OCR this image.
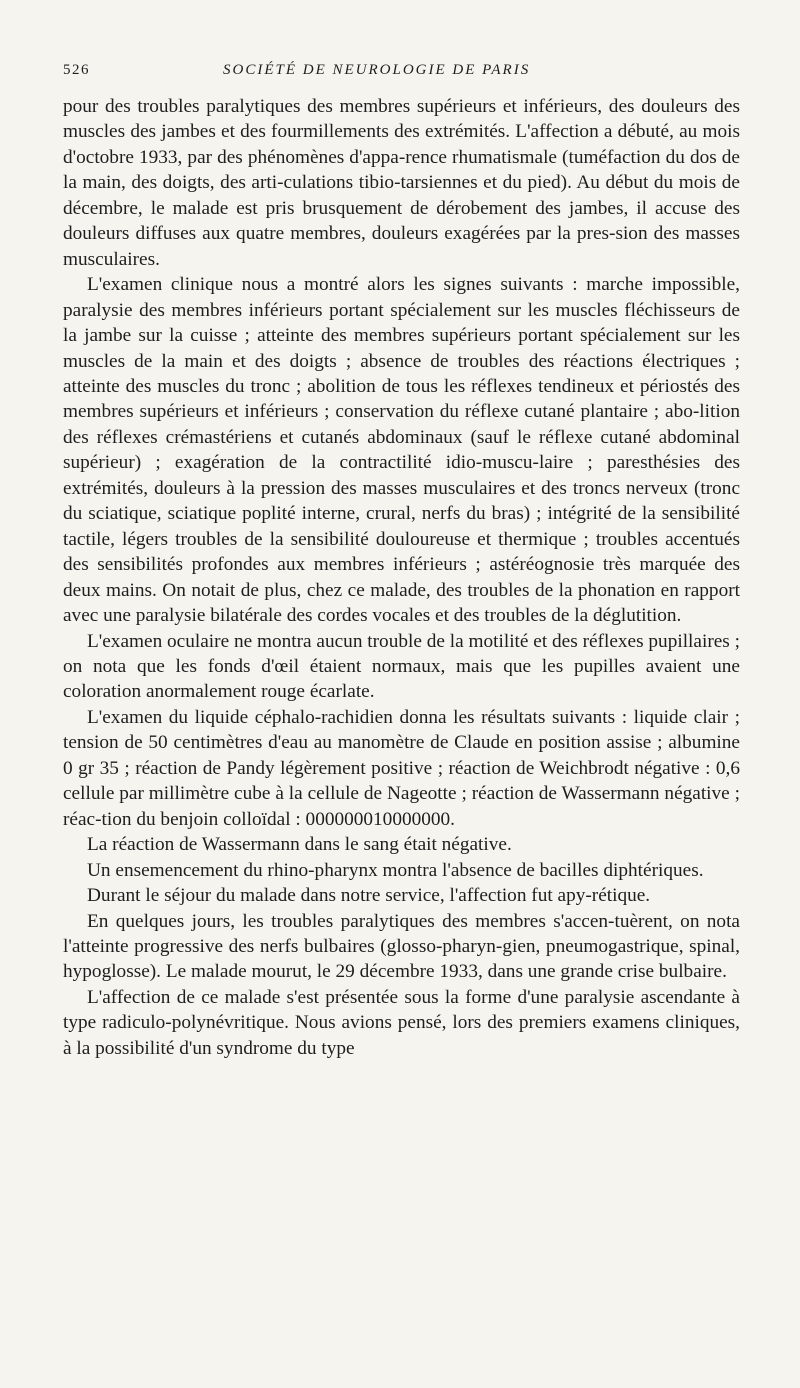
526	SOCIÉTÉ DE NEUROLOGIE DE PARIS

pour des troubles paralytiques des membres supérieurs et inférieurs, des douleurs des muscles des jambes et des fourmillements des extrémités. L'affection a débuté, au mois d'octobre 1933, par des phénomènes d'appa-rence rhumatismale (tuméfaction du dos de la main, des doigts, des arti-culations tibio-tarsiennes et du pied). Au début du mois de décembre, le malade est pris brusquement de dérobement des jambes, il accuse des douleurs diffuses aux quatre membres, douleurs exagérées par la pres-sion des masses musculaires.

L'examen clinique nous a montré alors les signes suivants : marche impossible, paralysie des membres inférieurs portant spécialement sur les muscles fléchisseurs de la jambe sur la cuisse ; atteinte des membres supérieurs portant spécialement sur les muscles de la main et des doigts ; absence de troubles des réactions électriques ; atteinte des muscles du tronc ; abolition de tous les réflexes tendineux et périostés des membres supérieurs et inférieurs ; conservation du réflexe cutané plantaire ; abo-lition des réflexes crémastériens et cutanés abdominaux (sauf le réflexe cutané abdominal supérieur) ; exagération de la contractilité idio-muscu-laire ; paresthésies des extrémités, douleurs à la pression des masses musculaires et des troncs nerveux (tronc du sciatique, sciatique poplité interne, crural, nerfs du bras) ; intégrité de la sensibilité tactile, légers troubles de la sensibilité douloureuse et thermique ; troubles accentués des sensibilités profondes aux membres inférieurs ; astéréognosie très marquée des deux mains. On notait de plus, chez ce malade, des troubles de la phonation en rapport avec une paralysie bilatérale des cordes vocales et des troubles de la déglutition.

L'examen oculaire ne montra aucun trouble de la motilité et des réflexes pupillaires ; on nota que les fonds d'œil étaient normaux, mais que les pupilles avaient une coloration anormalement rouge écarlate.

L'examen du liquide céphalo-rachidien donna les résultats suivants : liquide clair ; tension de 50 centimètres d'eau au manomètre de Claude en position assise ; albumine 0 gr 35 ; réaction de Pandy légèrement positive ; réaction de Weichbrodt négative : 0,6 cellule par millimètre cube à la cellule de Nageotte ; réaction de Wassermann négative ; réac-tion du benjoin colloïdal : 000000010000000.

La réaction de Wassermann dans le sang était négative.

Un ensemencement du rhino-pharynx montra l'absence de bacilles diphtériques.

Durant le séjour du malade dans notre service, l'affection fut apy-rétique.

En quelques jours, les troubles paralytiques des membres s'accen-tuèrent, on nota l'atteinte progressive des nerfs bulbaires (glosso-pharyn-gien, pneumogastrique, spinal, hypoglosse). Le malade mourut, le 29 décembre 1933, dans une grande crise bulbaire.

L'affection de ce malade s'est présentée sous la forme d'une paralysie ascendante à type radiculo-polynévritique. Nous avions pensé, lors des premiers examens cliniques, à la possibilité d'un syndrome du type
